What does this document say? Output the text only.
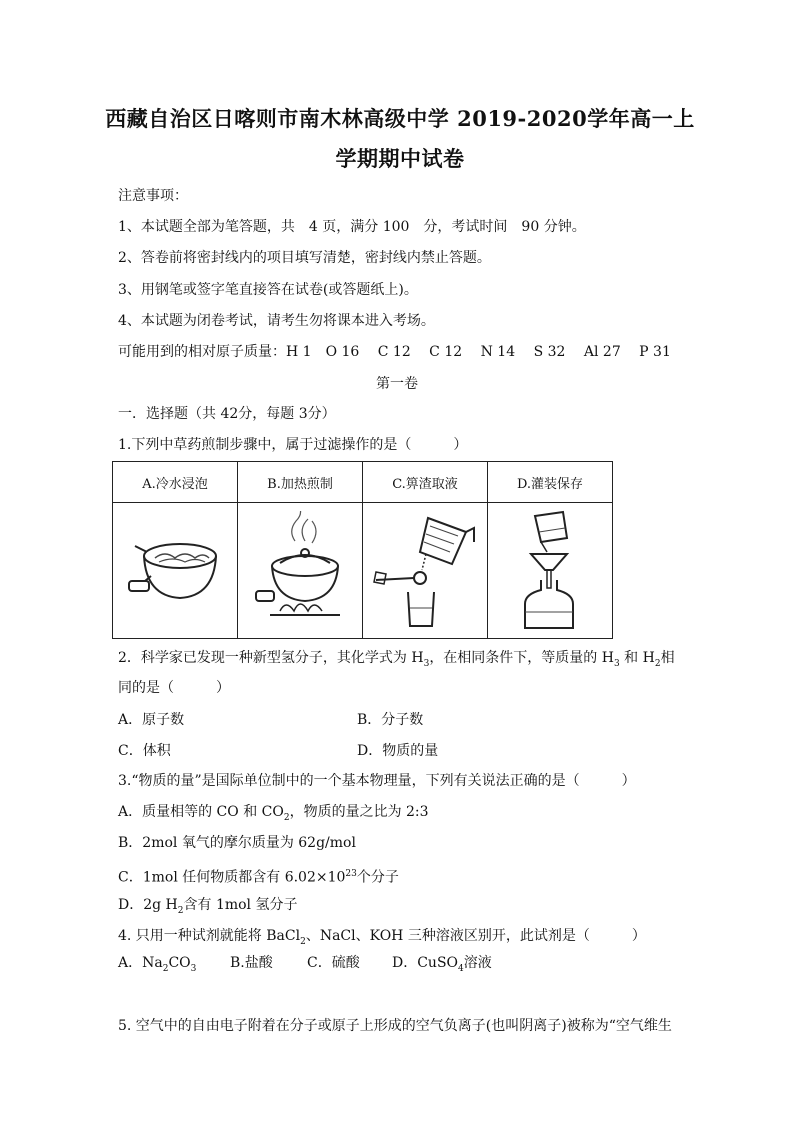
西藏自治区日喀则市南木林高级中学 2019-2020学年高一上
学期期中试卷
注意事项：
1、本试题全部为笔答题，共　4 页，满分 100　分，考试时间　90 分钟。
2、答卷前将密封线内的项目填写清楚，密封线内禁止答题。
3、用钢笔或签字笔直接答在试卷(或答题纸上)。
4、本试题为闭卷考试，请考生勿将课本进入考场。
可能用到的相对原子质量：H 1　O 16　 C 12　 C 12　 N 14　 S 32　 Al 27　 P 31
第一卷
一．选择题（共 42分，每题 3分）
1.下列中草药煎制步骤中，属于过滤操作的是（　　　）
A.冷水浸泡	B.加热煎制	C.箅渣取液	D.灌装保存

2．科学家已发现一种新型氢分子，其化学式为 $H_3$，在相同条件下，等质量的 $H_3$ 和 $H_2$相
同的是（　　　）
A．原子数	B．分子数
C．体积	D．物质的量
3.“物质的量”是国际单位制中的一个基本物理量，下列有关说法正确的是（　　　）
A．质量相等的 CO 和 $CO_2$，物质的量之比为 2:3
B．2mol 氧气的摩尔质量为 62g/mol
C．1mol 任何物质都含有 $6.02\times 10^{23}$个分子
D．2g $H_2$含有 1mol 氢分子
4. 只用一种试剂就能将 BaCl$_2$、NaCl、KOH 三种溶液区别开，此试剂是（　　　）
A．$Na_2CO_3$ B.盐酸 C．硫酸 D．CuSO$_4$溶液
5. 空气中的自由电子附着在分子或原子上形成的空气负离子(也叫阴离子)被称为“空气维生
